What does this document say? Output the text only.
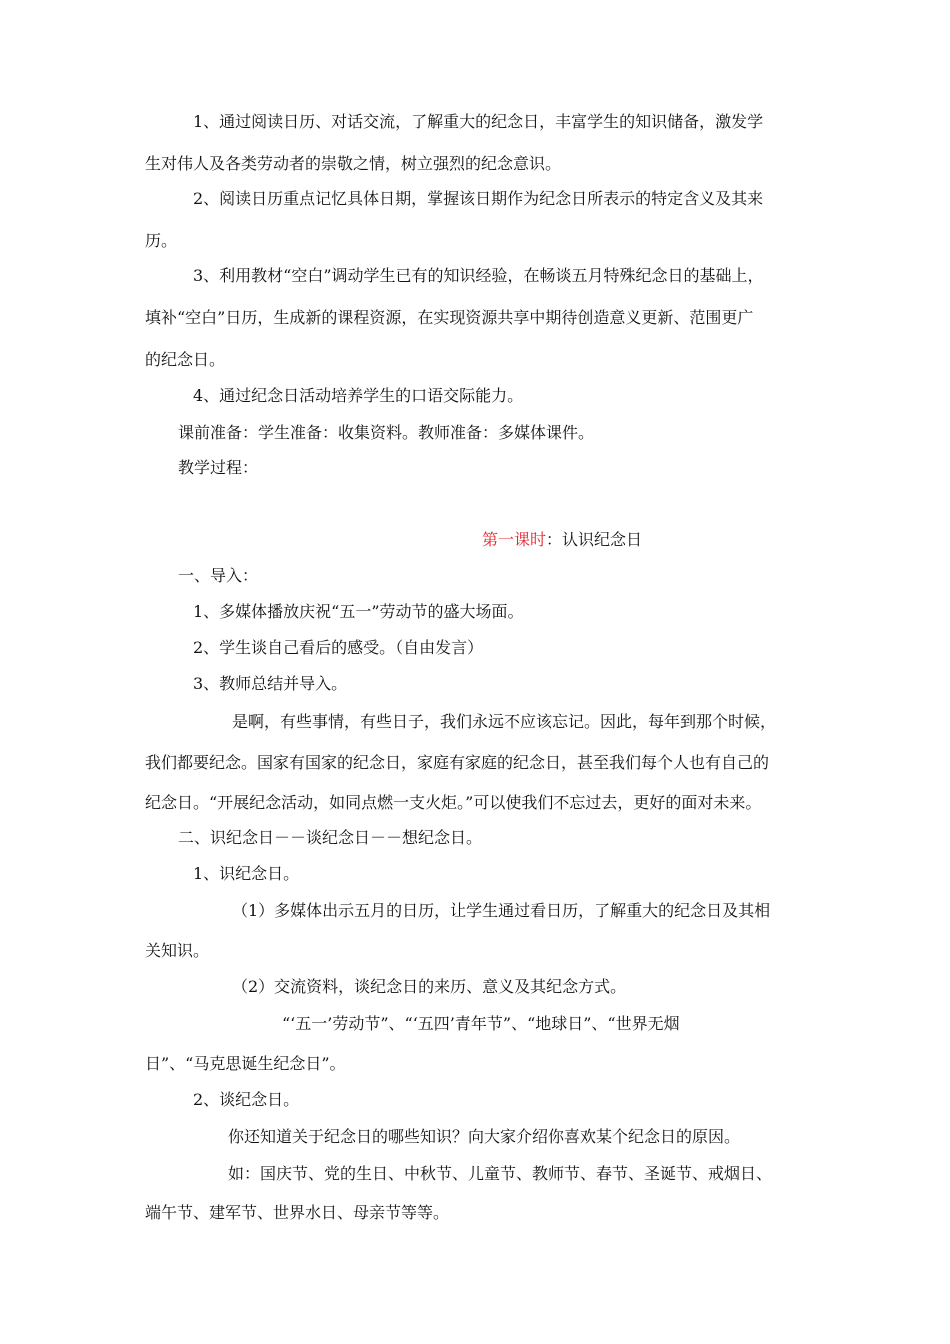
1、通过阅读日历、对话交流，了解重大的纪念日，丰富学生的知识储备，激发学
生对伟人及各类劳动者的崇敬之情，树立强烈的纪念意识。
2、阅读日历重点记忆具体日期，掌握该日期作为纪念日所表示的特定含义及其来
历。
3、利用教材“空白”调动学生已有的知识经验，在畅谈五月特殊纪念日的基础上，
填补“空白”日历，生成新的课程资源，在实现资源共享中期待创造意义更新、范围更广
的纪念日。
4、通过纪念日活动培养学生的口语交际能力。
课前准备：学生准备：收集资料。教师准备：多媒体课件。
教学过程：
第一课时：认识纪念日
一、导入：
1、多媒体播放庆祝“五一”劳动节的盛大场面。
2、学生谈自己看后的感受。（自由发言）
3、教师总结并导入。
是啊，有些事情，有些日子，我们永远不应该忘记。因此，每年到那个时候，
我们都要纪念。国家有国家的纪念日，家庭有家庭的纪念日，甚至我们每个人也有自己的
纪念日。“开展纪念活动，如同点燃一支火炬。”可以使我们不忘过去，更好的面对未来。
二、识纪念日－－谈纪念日－－想纪念日。
1、识纪念日。
（1）多媒体出示五月的日历，让学生通过看日历，了解重大的纪念日及其相
关知识。
（2）交流资料，谈纪念日的来历、意义及其纪念方式。
“‘五一’劳动节”、“‘五四’青年节”、“地球日”、“世界无烟
日”、“马克思诞生纪念日”。
2、谈纪念日。
你还知道关于纪念日的哪些知识？向大家介绍你喜欢某个纪念日的原因。
如：国庆节、党的生日、中秋节、儿童节、教师节、春节、圣诞节、戒烟日、
端午节、建军节、世界水日、母亲节等等。
